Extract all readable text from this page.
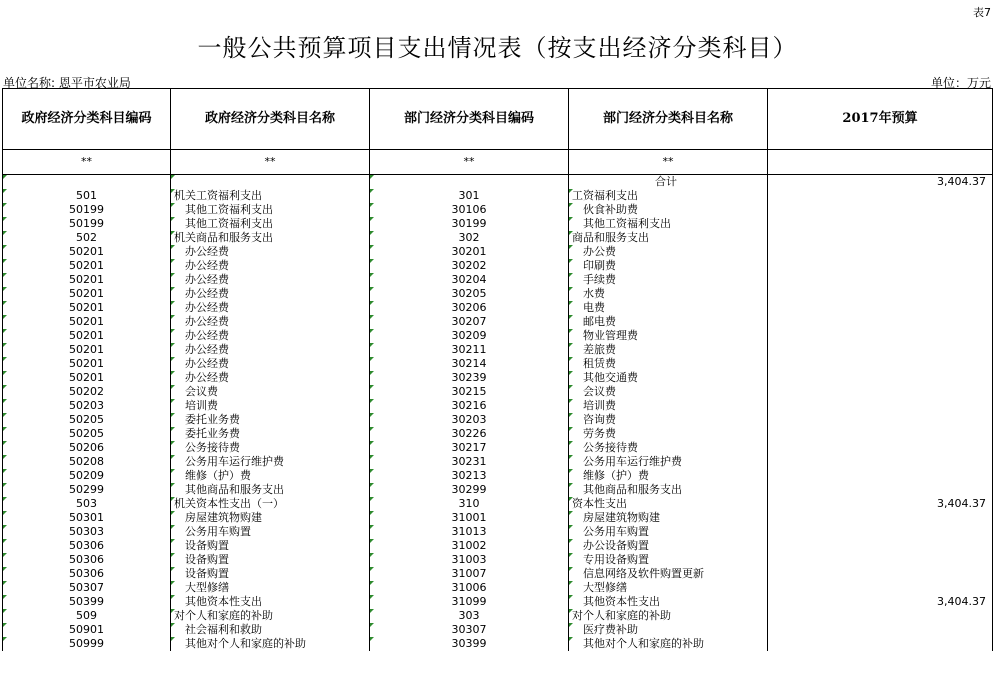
表7
一般公共预算项目支出情况表（按支出经济分类科目）
单位名称: 恩平市农业局	单位：万元
政府经济分类科目编码	政府经济分类科目名称	部门经济分类科目编码	部门经济分类科目名称	2017年预算
**	**	**	**	
			合计	3,404.37
501	机关工资福利支出	301	工资福利支出	
50199	其他工资福利支出	30106	伙食补助费	
50199	其他工资福利支出	30199	其他工资福利支出	
502	机关商品和服务支出	302	商品和服务支出	
50201	办公经费	30201	办公费	
50201	办公经费	30202	印刷费	
50201	办公经费	30204	手续费	
50201	办公经费	30205	水费	
50201	办公经费	30206	电费	
50201	办公经费	30207	邮电费	
50201	办公经费	30209	物业管理费	
50201	办公经费	30211	差旅费	
50201	办公经费	30214	租赁费	
50201	办公经费	30239	其他交通费	
50202	会议费	30215	会议费	
50203	培训费	30216	培训费	
50205	委托业务费	30203	咨询费	
50205	委托业务费	30226	劳务费	
50206	公务接待费	30217	公务接待费	
50208	公务用车运行维护费	30231	公务用车运行维护费	
50209	维修（护）费	30213	维修（护）费	
50299	其他商品和服务支出	30299	其他商品和服务支出	
503	机关资本性支出（一）	310	资本性支出	3,404.37
50301	房屋建筑物购建	31001	房屋建筑物购建	
50303	公务用车购置	31013	公务用车购置	
50306	设备购置	31002	办公设备购置	
50306	设备购置	31003	专用设备购置	
50306	设备购置	31007	信息网络及软件购置更新	
50307	大型修缮	31006	大型修缮	
50399	其他资本性支出	31099	其他资本性支出	3,404.37
509	对个人和家庭的补助	303	对个人和家庭的补助	
50901	社会福利和救助	30307	医疗费补助	
50999	其他对个人和家庭的补助	30399	其他对个人和家庭的补助	
